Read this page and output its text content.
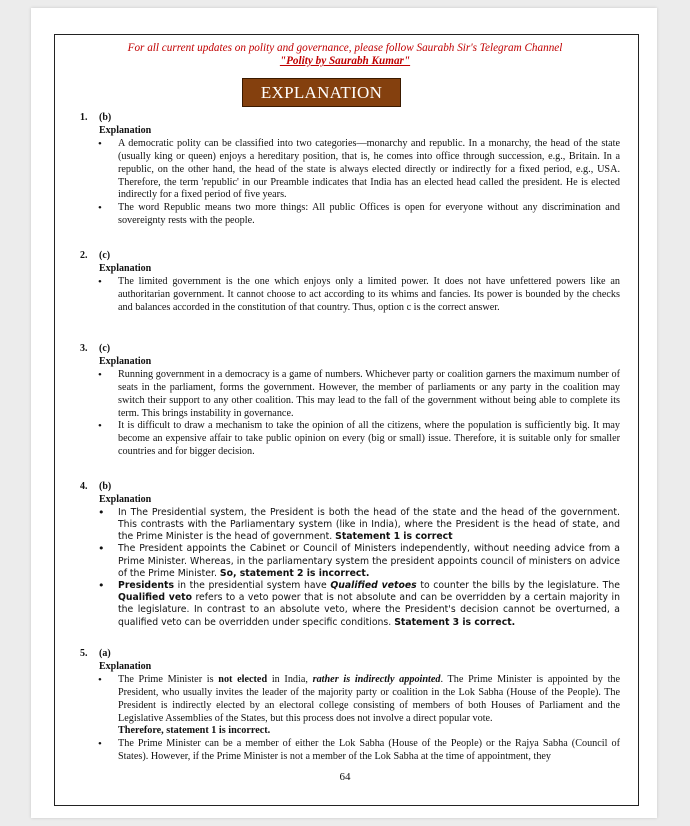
For all current updates on polity and governance, please follow Saurabh Sir's Telegram Channel
"Polity by Saurabh Kumar"
EXPLANATION
1. (b)
Explanation
• A democratic polity can be classified into two categories—monarchy and republic. In a monarchy, the head of the state (usually king or queen) enjoys a hereditary position, that is, he comes into office through succession, e.g., Britain. In a republic, on the other hand, the head of the state is always elected directly or indirectly for a fixed period, e.g., USA. Therefore, the term 'republic' in our Preamble indicates that India has an elected head called the president. He is elected indirectly for a fixed period of five years.
• The word Republic means two more things: All public Offices is open for everyone without any discrimination and sovereignty rests with the people.
2. (c)
Explanation
• The limited government is the one which enjoys only a limited power. It does not have unfettered powers like an authoritarian government. It cannot choose to act according to its whims and fancies. Its power is bounded by the checks and balances accorded in the constitution of that country. Thus, option c is the correct answer.
3. (c)
Explanation
• Running government in a democracy is a game of numbers. Whichever party or coalition garners the maximum number of seats in the parliament, forms the government. However, the member of parliaments or any party in the coalition may switch their support to any other coalition. This may lead to the fall of the government without being able to complete its term. This brings instability in governance.
• It is difficult to draw a mechanism to take the opinion of all the citizens, where the population is sufficiently big. It may become an expensive affair to take public opinion on every (big or small) issue. Therefore, it is suitable only for smaller countries and for bigger decision.
4. (b)
Explanation
• In The Presidential system, the President is both the head of the state and the head of the government. This contrasts with the Parliamentary system (like in India), where the President is the head of state, and the Prime Minister is the head of government. Statement 1 is correct
• The President appoints the Cabinet or Council of Ministers independently, without needing advice from a Prime Minister. Whereas, in the parliamentary system the president appoints council of ministers on advice of the Prime Minister. So, statement 2 is incorrect.
• Presidents in the presidential system have Qualified vetoes to counter the bills by the legislature. The Qualified veto refers to a veto power that is not absolute and can be overridden by a certain majority in the legislature. In contrast to an absolute veto, where the President's decision cannot be overturned, a qualified veto can be overridden under specific conditions. Statement 3 is correct.
5. (a)
Explanation
• The Prime Minister is not elected in India, rather is indirectly appointed. The Prime Minister is appointed by the President, who usually invites the leader of the majority party or coalition in the Lok Sabha (House of the People). The President is indirectly elected by an electoral college consisting of members of both Houses of Parliament and the Legislative Assemblies of the States, but this process does not involve a direct popular vote.
Therefore, statement 1 is incorrect.
• The Prime Minister can be a member of either the Lok Sabha (House of the People) or the Rajya Sabha (Council of States). However, if the Prime Minister is not a member of the Lok Sabha at the time of appointment, they
64
